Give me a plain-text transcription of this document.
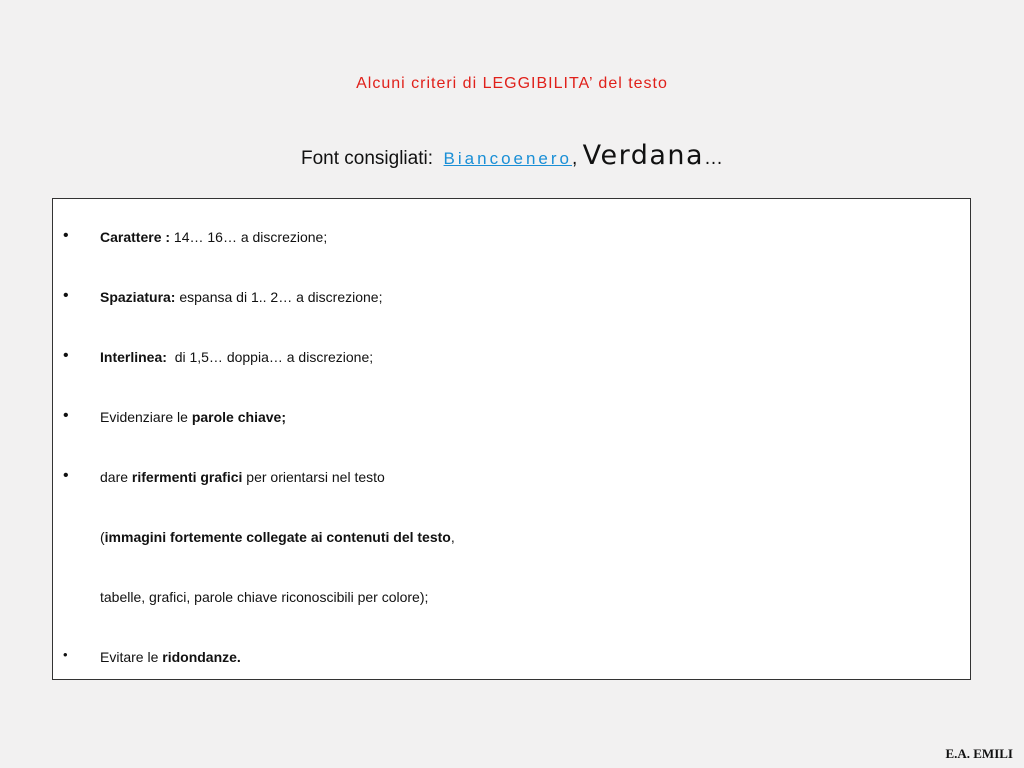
Alcuni criteri di LEGGIBILITA’ del testo
Font consigliati: Biancoenero, Verdana…
• Carattere : 14… 16… a discrezione;
• Spaziatura: espansa di 1.. 2… a discrezione;
• Interlinea: di 1,5… doppia… a discrezione;
• Evidenziare le parole chiave;
• dare rifermenti grafici per orientarsi nel testo
(immagini fortemente collegate ai contenuti del testo,
tabelle, grafici, parole chiave riconoscibili per colore);
• Evitare le ridondanze.
E.A. EMILI
